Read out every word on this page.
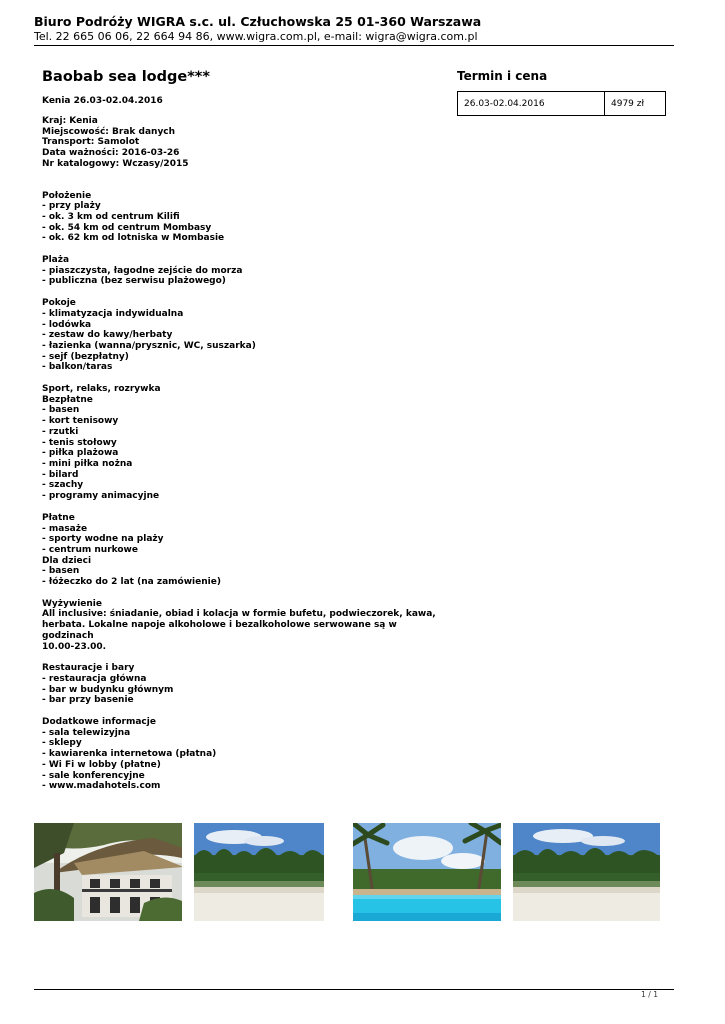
Biuro Podróży WIGRA s.c. ul. Człuchowska 25 01-360 Warszawa
Tel. 22 665 06 06, 22 664 94 86, www.wigra.com.pl, e-mail: wigra@wigra.com.pl
Baobab sea lodge***
Kenia 26.03-02.04.2016
Kraj: Kenia
Miejscowość: Brak danych
Transport: Samolot
Data ważności: 2016-03-26
Nr katalogowy: Wczasy/2015
Położenie
- przy plaży
- ok. 3 km od centrum Kilifi
- ok. 54 km od centrum Mombasy
- ok. 62 km od lotniska w Mombasie
Plaża
- piaszczysta, łagodne zejście do morza
- publiczna (bez serwisu plażowego)
Pokoje
- klimatyzacja indywidualna
- lodówka
- zestaw do kawy/herbaty
- łazienka (wanna/prysznic, WC, suszarka)
- sejf (bezpłatny)
- balkon/taras
Sport, relaks, rozrywka
Bezpłatne
- basen
- kort tenisowy
- rzutki
- tenis stołowy
- piłka plażowa
- mini piłka nożna
- bilard
- szachy
- programy animacyjne
Płatne
- masaże
- sporty wodne na plaży
- centrum nurkowe
Dla dzieci
- basen
- łóżeczko do 2 lat (na zamówienie)
Wyżywienie
All inclusive: śniadanie, obiad i kolacja w formie bufetu, podwieczorek, kawa,
herbata. Lokalne napoje alkoholowe i bezalkoholowe serwowane są w godzinach
10.00-23.00.
Restauracje i bary
- restauracja główna
- bar w budynku głównym
- bar przy basenie
Dodatkowe informacje
- sala telewizyjna
- sklepy
- kawiarenka internetowa (płatna)
- Wi Fi w lobby (płatne)
- sale konferencyjne
- www.madahotels.com
Termin i cena
26.03-02.04.2016	4979 zł
1 / 1
